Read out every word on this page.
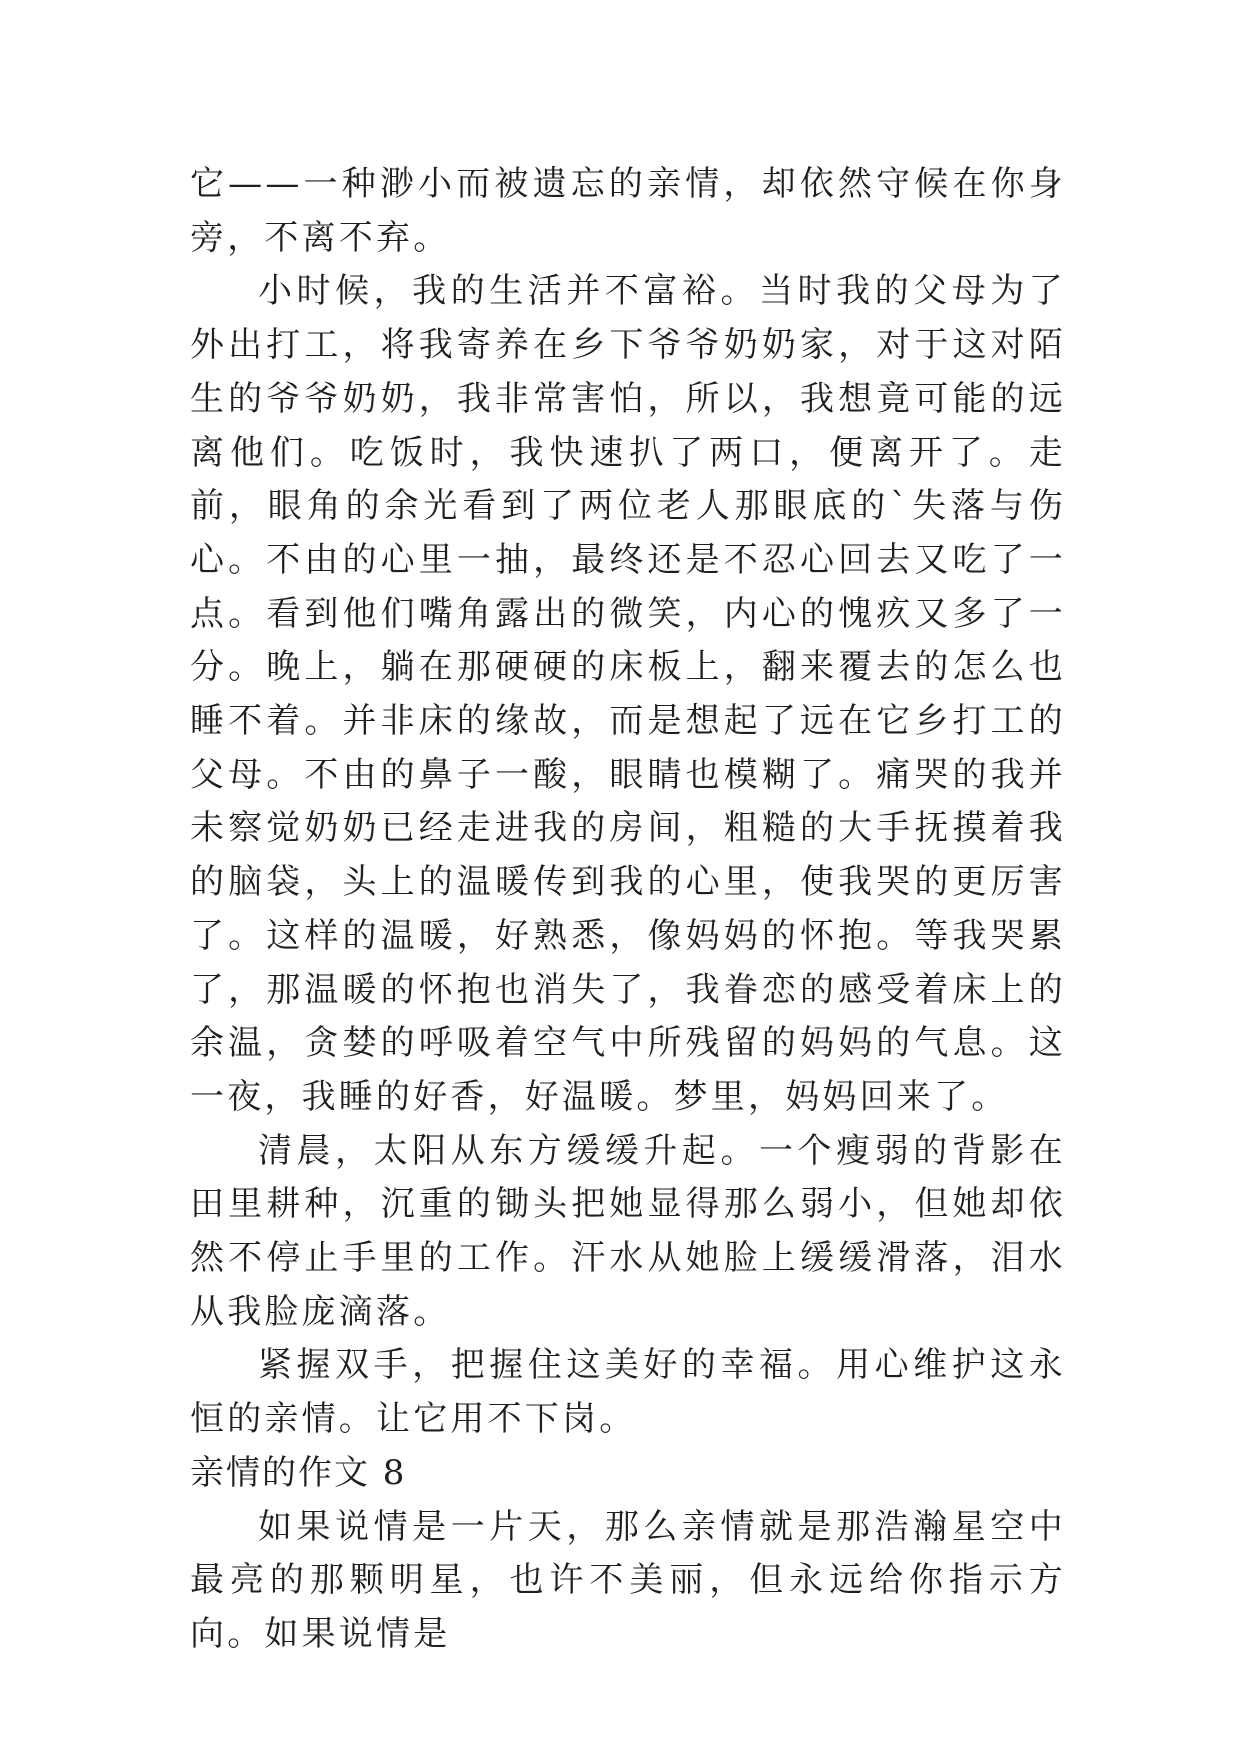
它——一种渺小而被遗忘的亲情，却依然守候在你身旁，不离不弃。

小时候，我的生活并不富裕。当时我的父母为了外出打工，将我寄养在乡下爷爷奶奶家，对于这对陌生的爷爷奶奶，我非常害怕，所以，我想竟可能的远离他们。吃饭时，我快速扒了两口，便离开了。走前，眼角的余光看到了两位老人那眼底的`失落与伤心。不由的心里一抽，最终还是不忍心回去又吃了一点。看到他们嘴角露出的微笑，内心的愧疚又多了一分。晚上，躺在那硬硬的床板上，翻来覆去的怎么也睡不着。并非床的缘故，而是想起了远在它乡打工的父母。不由的鼻子一酸，眼睛也模糊了。痛哭的我并未察觉奶奶已经走进我的房间，粗糙的大手抚摸着我的脑袋，头上的温暖传到我的心里，使我哭的更厉害了。这样的温暖，好熟悉，像妈妈的怀抱。等我哭累了，那温暖的怀抱也消失了，我眷恋的感受着床上的余温，贪婪的呼吸着空气中所残留的妈妈的气息。这一夜，我睡的好香，好温暖。梦里，妈妈回来了。

清晨，太阳从东方缓缓升起。一个瘦弱的背影在田里耕种，沉重的锄头把她显得那么弱小，但她却依然不停止手里的工作。汗水从她脸上缓缓滑落，泪水从我脸庞滴落。

紧握双手，把握住这美好的幸福。用心维护这永恒的亲情。让它用不下岗。

亲情的作文 8

如果说情是一片天，那么亲情就是那浩瀚星空中最亮的那颗明星，也许不美丽，但永远给你指示方向。如果说情是
